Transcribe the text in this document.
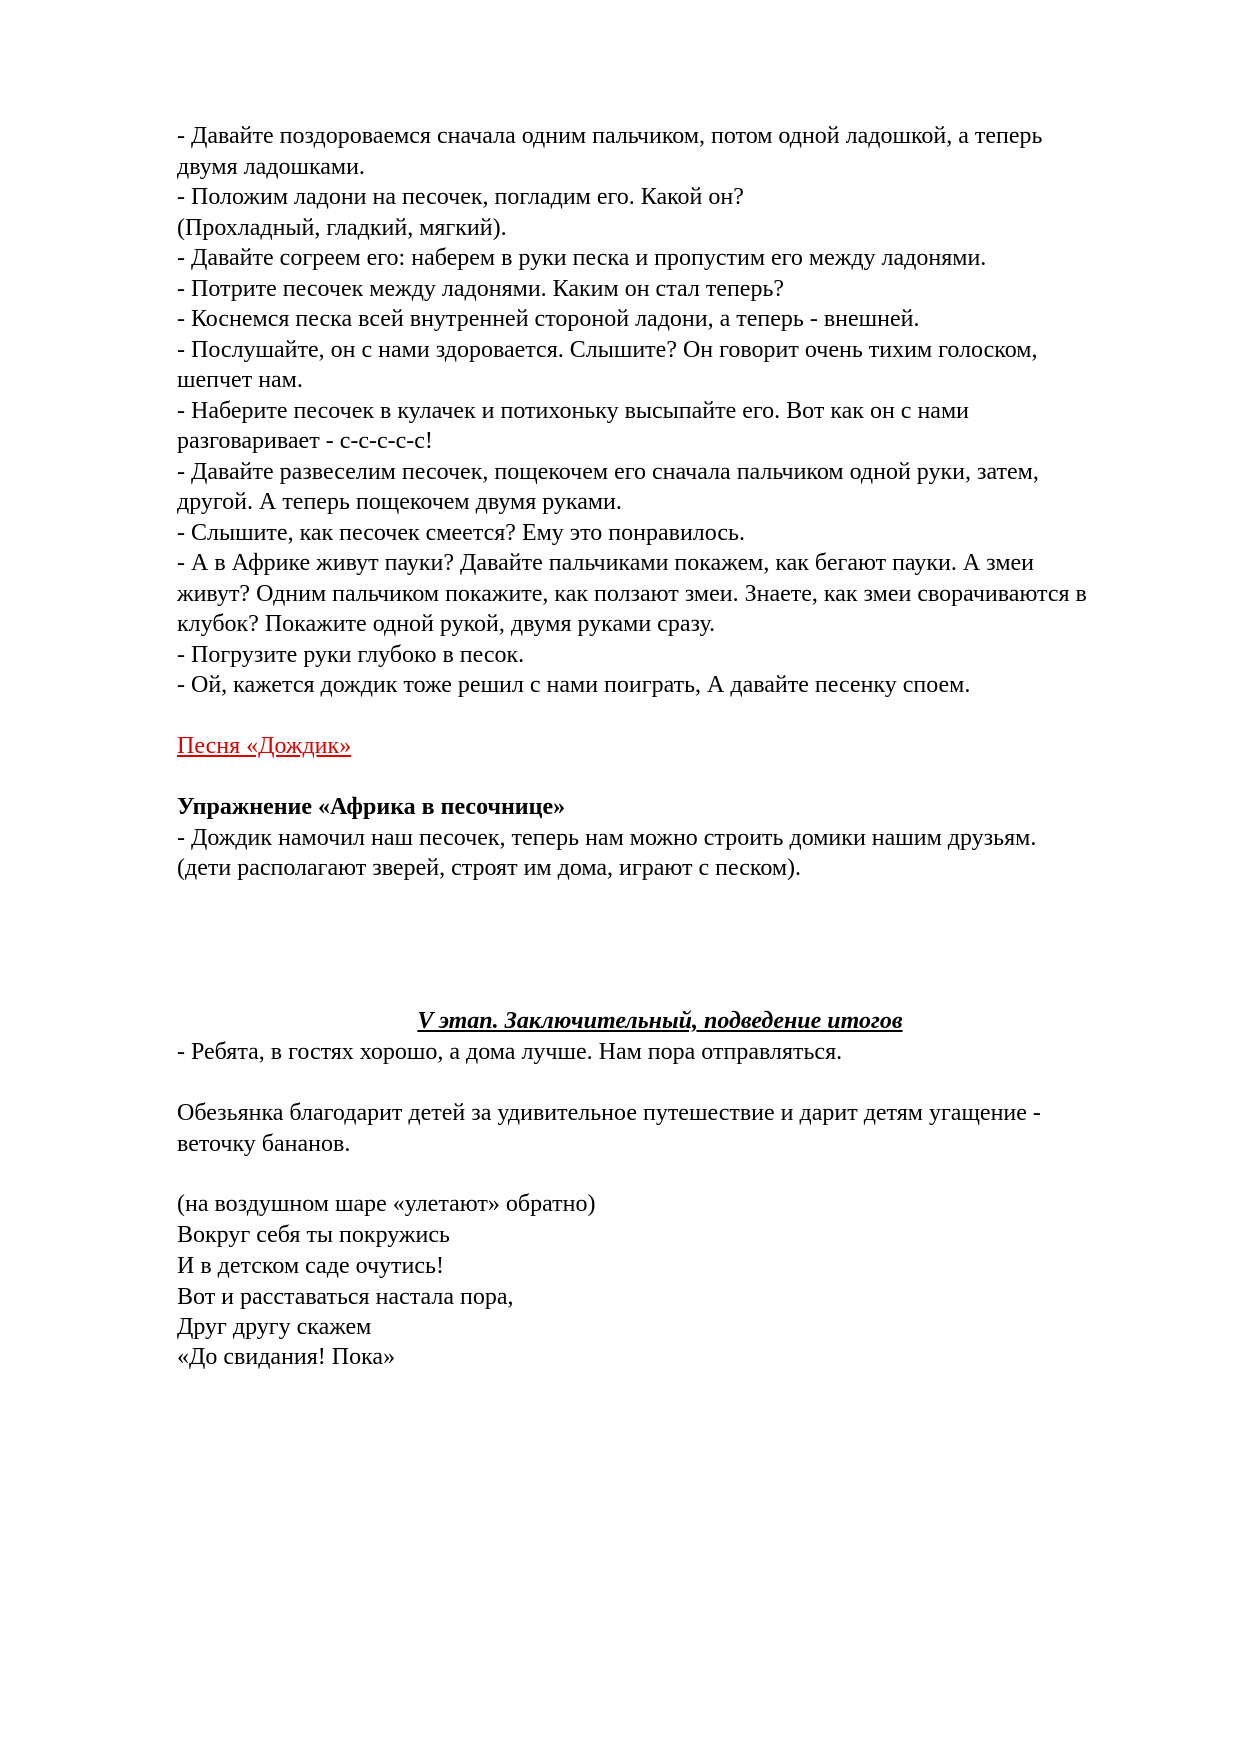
- Давайте поздороваемся сначала одним пальчиком, потом одной ладошкой, а теперь
двумя ладошками.
- Положим ладони на песочек, погладим его. Какой он?
(Прохладный, гладкий, мягкий).
- Давайте согреем его: наберем в руки песка и пропустим его между ладонями.
- Потрите песочек между ладонями. Каким он стал теперь?
- Коснемся песка всей внутренней стороной ладони, а теперь - внешней.
- Послушайте, он с нами здоровается. Слышите? Он говорит очень тихим голоском,
шепчет нам.
- Наберите песочек в кулачек и потихоньку высыпайте его. Вот как он с нами
разговаривает - с-с-с-с-с!
- Давайте развеселим песочек, пощекочем его сначала пальчиком одной руки, затем,
другой. А теперь пощекочем двумя руками.
- Слышите, как песочек смеется? Ему это понравилось.
- А в Африке живут пауки? Давайте пальчиками покажем, как бегают пауки. А змеи
живут? Одним пальчиком покажите, как ползают змеи. Знаете, как змеи сворачиваются в
клубок? Покажите одной рукой, двумя руками сразу.
- Погрузите руки глубоко в песок.
- Ой, кажется дождик тоже решил с нами поиграть, А давайте песенку споем.
Песня «Дождик»
Упражнение «Африка в песочнице»
- Дождик намочил наш песочек, теперь нам можно строить домики нашим друзьям.
(дети располагают зверей, строят им дома, играют с песком).
V этап. Заключительный, подведение итогов
- Ребята, в гостях хорошо, а дома лучше. Нам пора отправляться.
Обезьянка благодарит детей за удивительное путешествие и дарит детям угащение -
веточку бананов.
(на воздушном шаре «улетают» обратно)
Вокруг себя ты покружись
И в детском саде очутись!
Вот и расставаться настала пора,
Друг другу скажем
«До свидания! Пока»
